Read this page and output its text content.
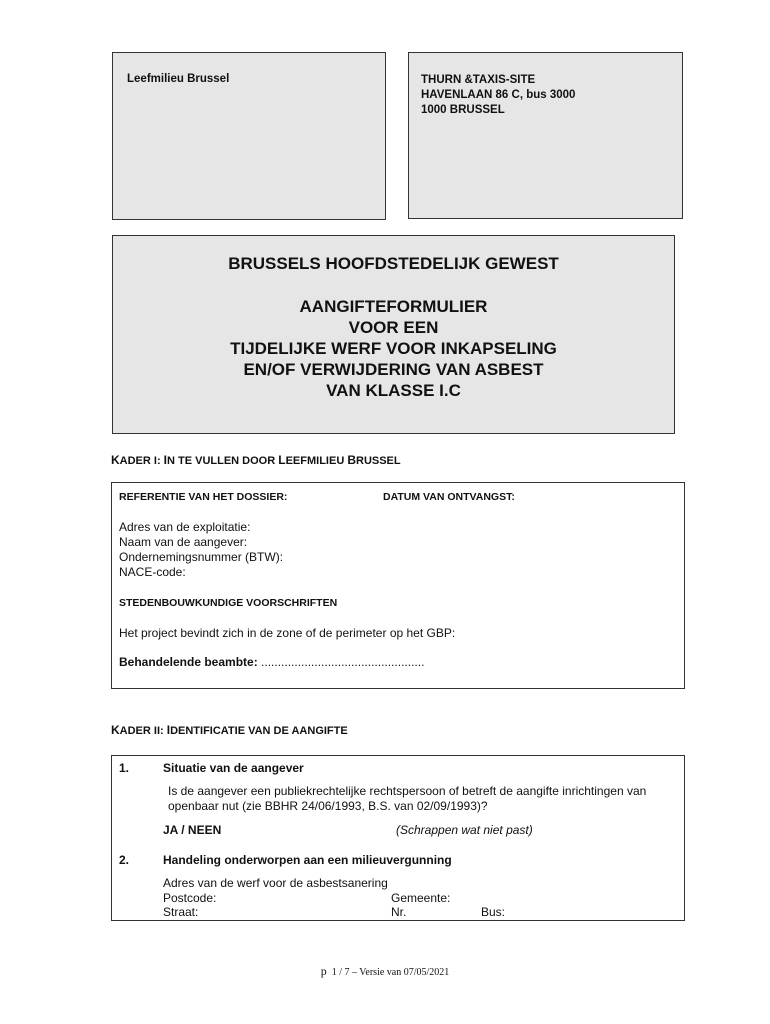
Leefmilieu Brussel	THURN &TAXIS-SITE
HAVENLAAN 86 C, bus 3000
1000 BRUSSEL
BRUSSELS HOOFDSTEDELIJK GEWEST
AANGIFTEFORMULIER
VOOR EEN
TIJDELIJKE WERF VOOR INKAPSELING
EN/OF VERWIJDERING VAN ASBEST
VAN KLASSE I.C
KADER I: IN TE VULLEN DOOR LEEFMILIEU BRUSSEL
REFERENTIE VAN HET DOSSIER:	DATUM VAN ONTVANGST:
Adres van de exploitatie:
Naam van de aangever:
Ondernemingsnummer (BTW):
NACE-code:
STEDENBOUWKUNDIGE VOORSCHRIFTEN
Het project bevindt zich in de zone of de perimeter op het GBP:
Behandelende beambte: .................................................
KADER II: IDENTIFICATIE VAN DE AANGIFTE
1.	Situatie van de aangever
Is de aangever een publiekrechtelijke rechtspersoon of betreft de aangifte inrichtingen van
openbaar nut (zie BBHR 24/06/1993, B.S. van 02/09/1993)?
JA / NEEN	(Schrappen wat niet past)
2.	Handeling onderworpen aan een milieuvergunning
Adres van de werf voor de asbestsanering
Postcode:	Gemeente:
Straat:	Nr.	Bus:
p 1 / 7 – Versie van 07/05/2021
